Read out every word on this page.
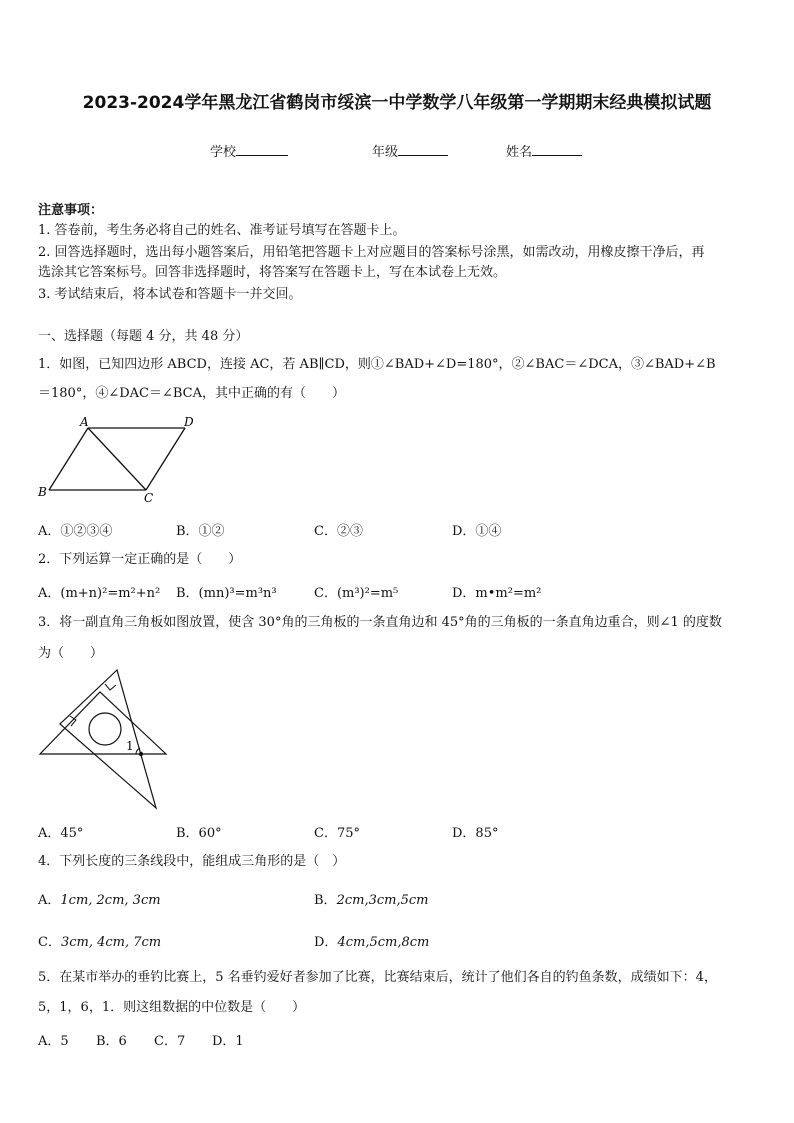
2023-2024学年黑龙江省鹤岗市绥滨一中学数学八年级第一学期期末经典模拟试题
学校	年级	姓名
注意事项：
1. 答卷前，考生务必将自己的姓名、准考证号填写在答题卡上。
2. 回答选择题时，选出每小题答案后，用铅笔把答题卡上对应题目的答案标号涂黑，如需改动，用橡皮擦干净后，再
选涂其它答案标号。回答非选择题时，将答案写在答题卡上，写在本试卷上无效。
3. 考试结束后，将本试卷和答题卡一并交回。
一、选择题（每题 4 分，共 48 分）
1．如图，已知四边形 ABCD，连接 AC，若 AB∥CD，则①∠BAD+∠D=180°，②∠BAC＝∠DCA，③∠BAD+∠B
＝180°，④∠DAC＝∠BCA，其中正确的有（　　）
A	D
B	C
A．①②③④	B．①②	C．②③	D．①④
2．下列运算一定正确的是（　　）
A．(m+n)²=m²+n² B．(mn)³=m³n³	C．(m³)²=m⁵	D．m•m²=m²
3．将一副直角三角板如图放置，使含 30°角的三角板的一条直角边和 45°角的三角板的一条直角边重合，则∠1 的度数
为（　　）
1
A．45°	B．60°	C．75°	D．85°
4．下列长度的三条线段中，能组成三角形的是（　）
A．1cm, 2cm, 3cm	B．2cm,3cm,5cm
C．3cm, 4cm, 7cm	D．4cm,5cm,8cm
5．在某市举办的垂钓比赛上，5 名垂钓爱好者参加了比赛，比赛结束后，统计了他们各自的钓鱼条数，成绩如下：4，
5，1，6，1．则这组数据的中位数是（　　）
A．5 B．6 C．7 D．1
